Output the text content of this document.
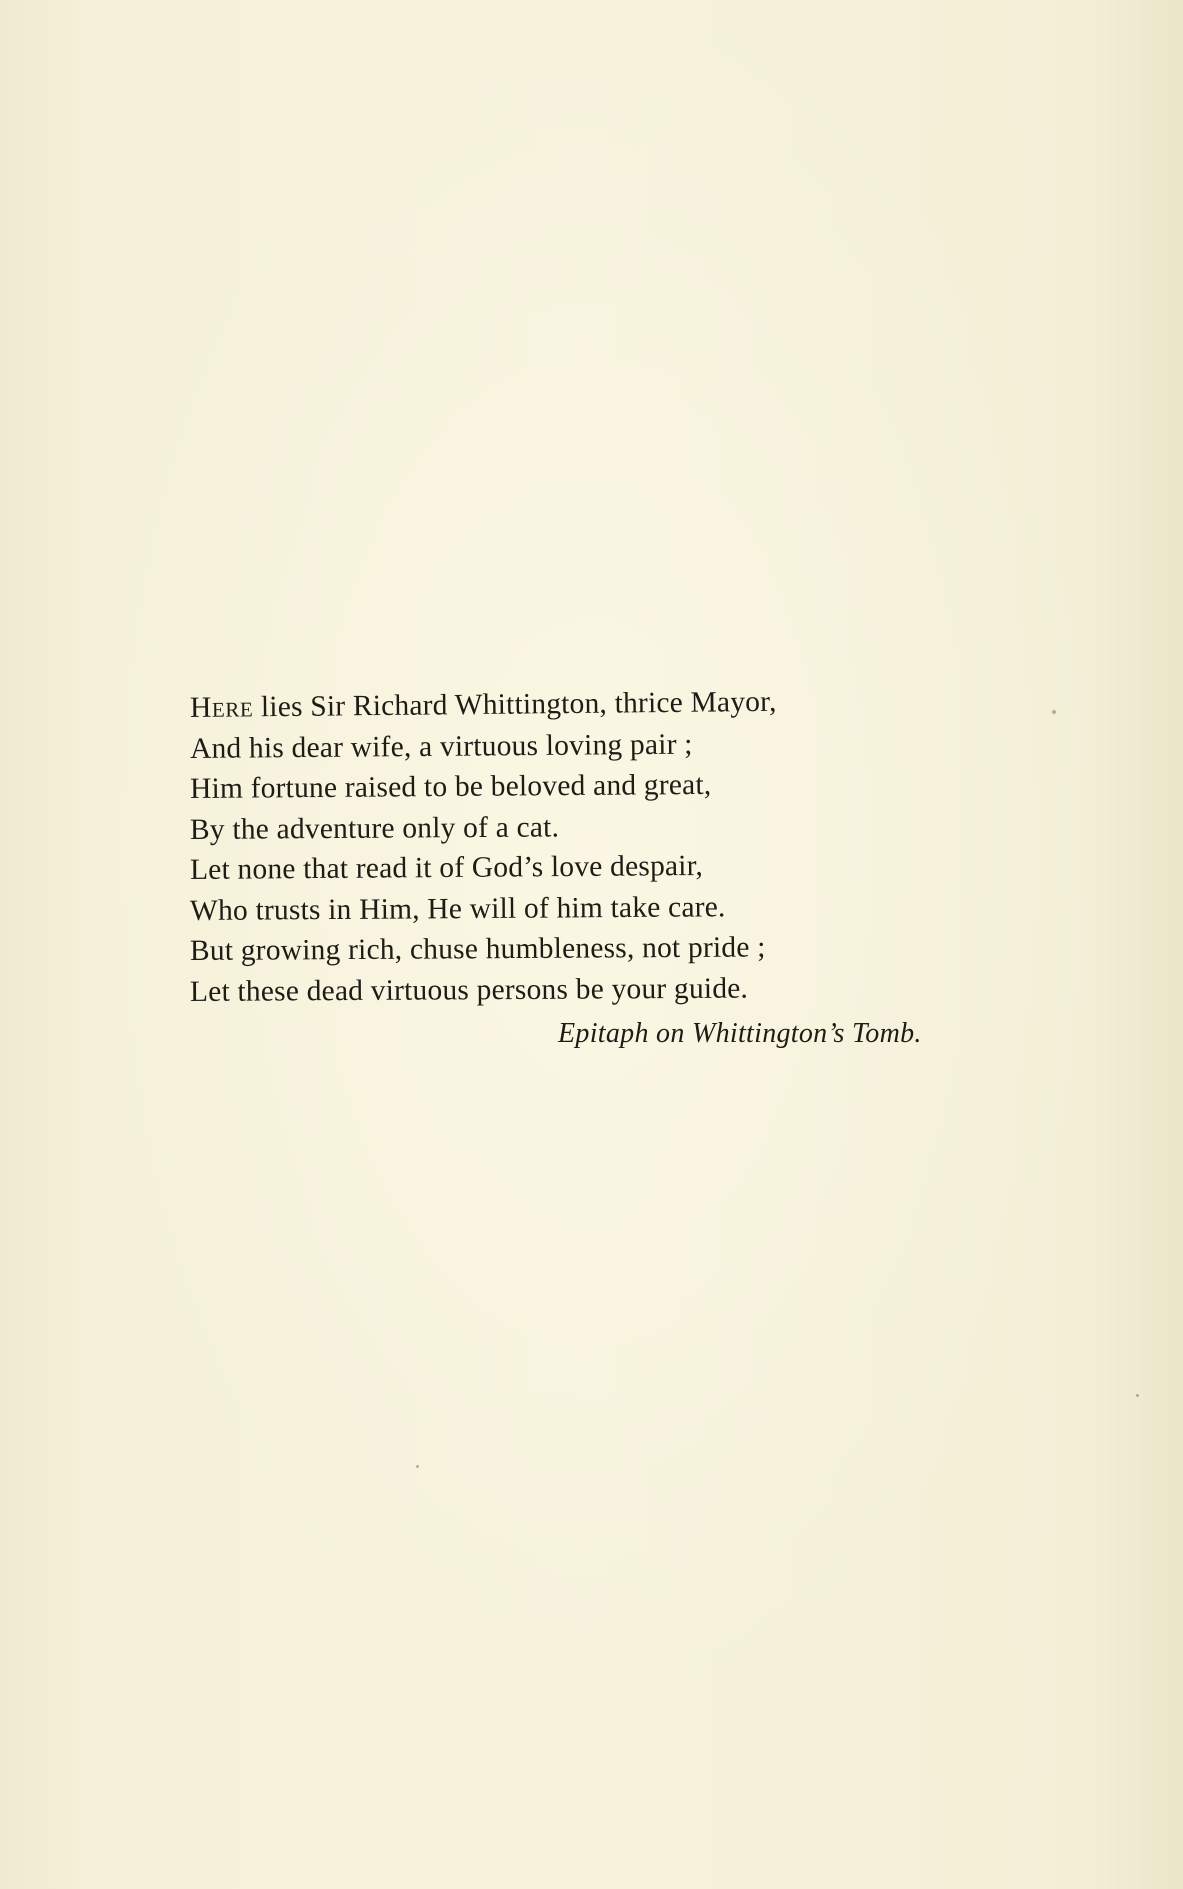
Here lies Sir Richard Whittington, thrice Mayor,
And his dear wife, a virtuous loving pair ;
Him fortune raised to be beloved and great,
By the adventure only of a cat.
Let none that read it of God’s love despair,
Who trusts in Him, He will of him take care.
But growing rich, chuse humbleness, not pride ;
Let these dead virtuous persons be your guide.
Epitaph on Whittington’s Tomb.
